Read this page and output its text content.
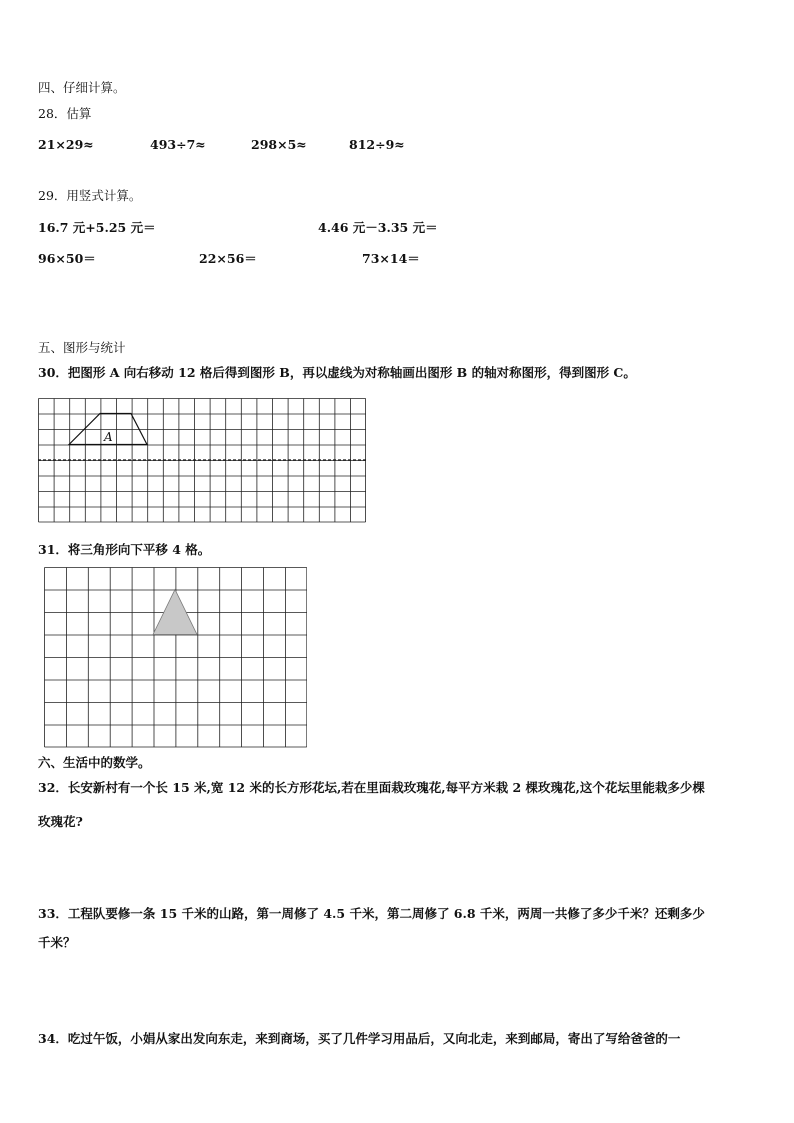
四、仔细计算。
28．估算
21×29≈	493÷7≈	298×5≈	812÷9≈
29．用竖式计算。
16.7 元+5.25 元＝	4.46 元－3.35 元＝
96×50＝	22×56＝	73×14＝
五、图形与统计
30．把图形 A 向右移动 12 格后得到图形 B，再以虚线为对称轴画出图形 B 的轴对称图形，得到图形 C。
A
31．将三角形向下平移 4 格。
六、生活中的数学。
32．长安新村有一个长 15 米,宽 12 米的长方形花坛,若在里面栽玫瑰花,每平方米栽 2 棵玫瑰花,这个花坛里能栽多少棵
玫瑰花?
33．工程队要修一条 15 千米的山路，第一周修了 4.5 千米，第二周修了 6.8 千米，两周一共修了多少千米？还剩多少
千米？
34．吃过午饭，小娟从家出发向东走，来到商场，买了几件学习用品后，又向北走，来到邮局，寄出了写给爸爸的一
